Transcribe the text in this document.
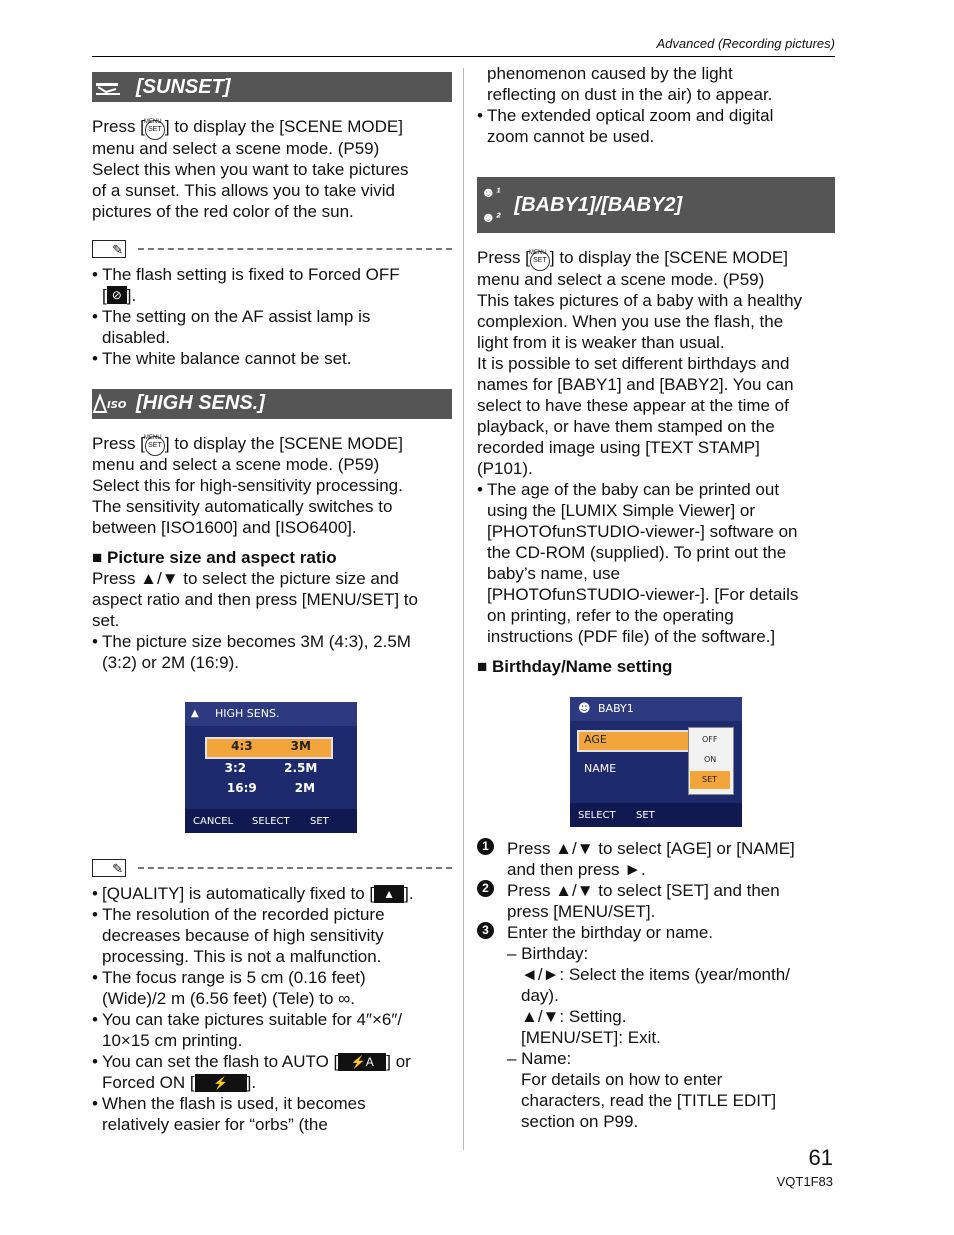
Advanced (Recording pictures)
[SUNSET]

Press [ MENU SET ] to display the [SCENE MODE]
menu and select a scene mode. (P59)
Select this when you want to take pictures
of a sunset. This allows you to take vivid
pictures of the red color of the sun.

✎
• The flash setting is fixed to Forced OFF
[ ⊘ ].
• The setting on the AF assist lamp is
disabled.
• The white balance cannot be set.
ISO [HIGH SENS.]

Press [ MENU SET ] to display the [SCENE MODE]
menu and select a scene mode. (P59)
Select this for high-sensitivity processing.
The sensitivity automatically switches to
between [ISO1600] and [ISO6400].

■ Picture size and aspect ratio

Press ▲/▼ to select the picture size and
aspect ratio and then press [MENU/SET] to
set.

• The picture size becomes 3M (4:3), 2.5M
(3:2) or 2M (16:9).
▲ HIGH SENS.
4:3	3M
3:2	2.5M
16:9	2M
CANCEL SELECT SET
✎
• [QUALITY] is automatically fixed to [ ▲ ].
• The resolution of the recorded picture
decreases because of high sensitivity
processing. This is not a malfunction.
• The focus range is 5 cm (0.16 feet)
(Wide)/2 m (6.56 feet) (Tele) to ∞.
• You can take pictures suitable for 4″×6″/
10×15 cm printing.
• You can set the flash to AUTO [ ⚡A ] or
Forced ON [ ⚡ ].
• When the flash is used, it becomes
relatively easier for “orbs” (the
phenomenon caused by the light
reflecting on dust in the air) to appear.
• The extended optical zoom and digital
zoom cannot be used.
☻¹
☻²
[BABY1]/[BABY2]

Press [ MENU SET ] to display the [SCENE MODE]
menu and select a scene mode. (P59)
This takes pictures of a baby with a healthy
complexion. When you use the flash, the
light from it is weaker than usual.
It is possible to set different birthdays and
names for [BABY1] and [BABY2]. You can
select to have these appear at the time of
playback, or have them stamped on the
recorded image using [TEXT STAMP]
(P101).

• The age of the baby can be printed out
using the [LUMIX Simple Viewer] or
[PHOTOfunSTUDIO-viewer-] software on
the CD-ROM (supplied). To print out the
baby’s name, use
[PHOTOfunSTUDIO-viewer-]. [For details
on printing, refer to the operating
instructions (PDF file) of the software.]

■ Birthday/Name setting

☻ BABY1
AGE
NAME
OFF
ON
SET
SELECT SET
1	Press ▲/▼ to select [AGE] or [NAME]
and then press ►.
2	Press ▲/▼ to select [SET] and then
press [MENU/SET].
3	Enter the birthday or name.
– Birthday:

◄/►: Select the items (year/month/
day).
▲/▼: Setting.
[MENU/SET]: Exit.
– Name:

For details on how to enter
characters, read the [TITLE EDIT]
section on P99.
61
VQT1F83
